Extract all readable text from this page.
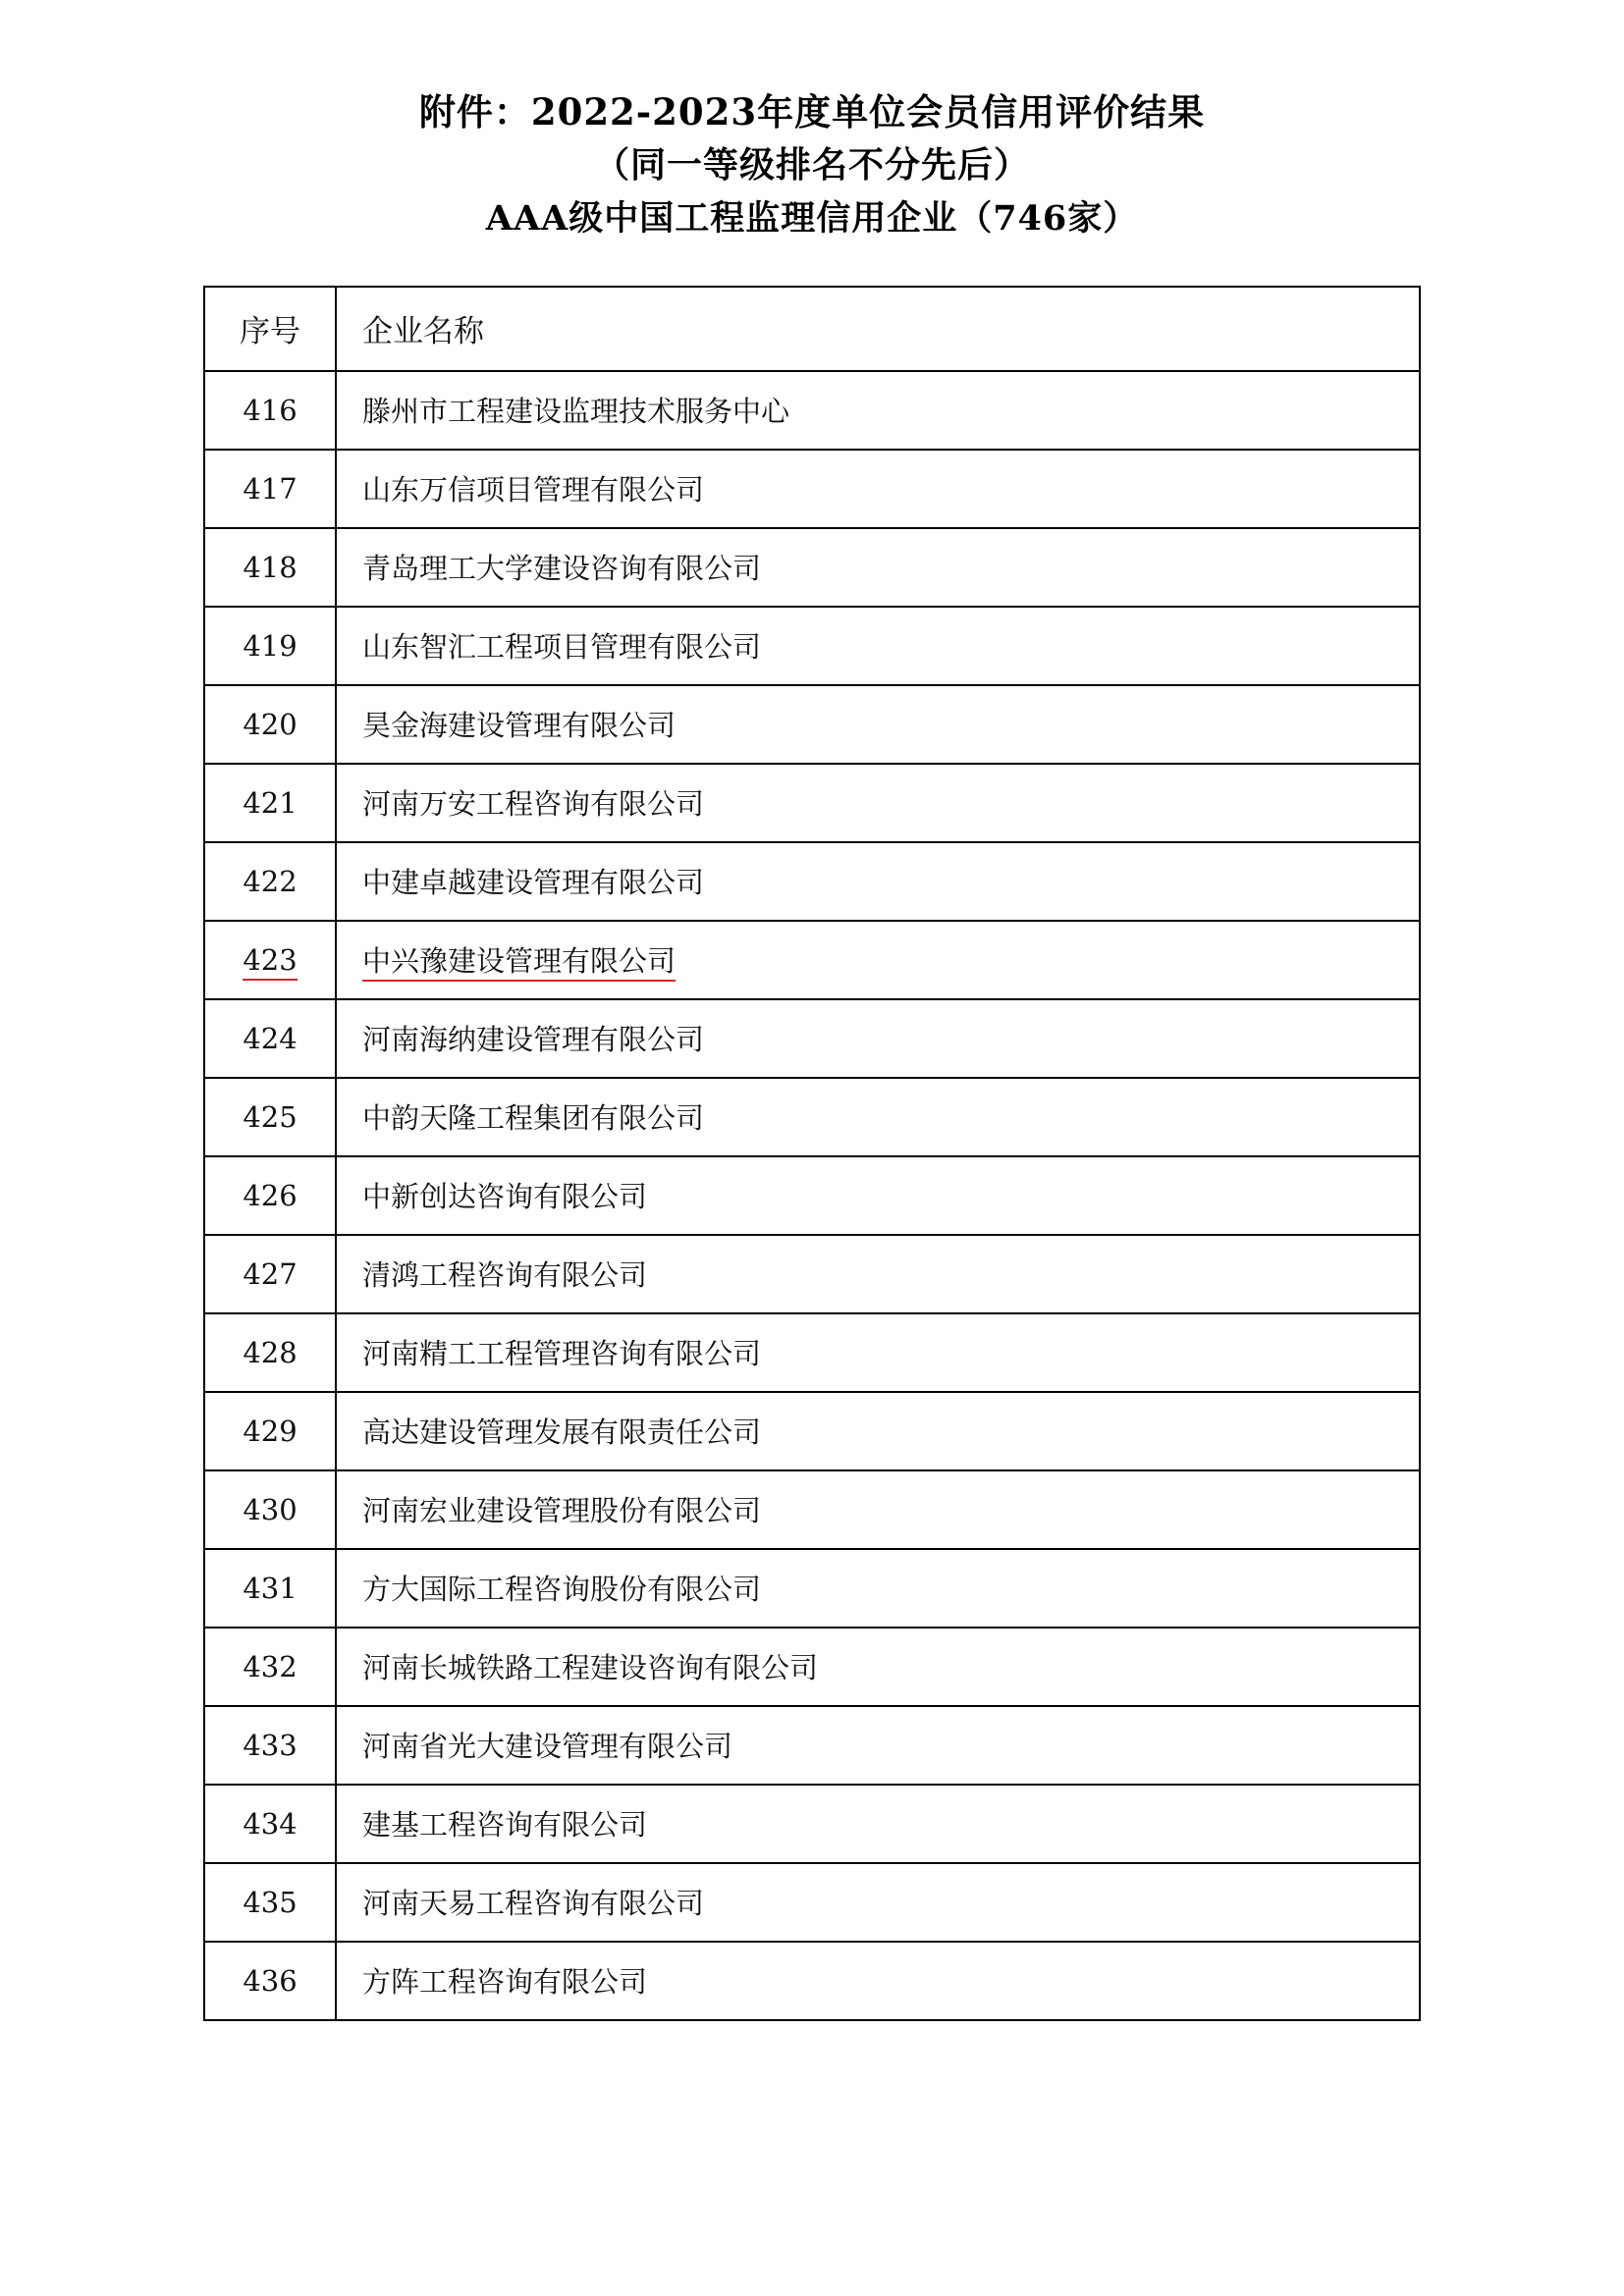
附件：2022-2023年度单位会员信用评价结果
（同一等级排名不分先后）
AAA级中国工程监理信用企业（746家）
序号	企业名称
416	滕州市工程建设监理技术服务中心
417	山东万信项目管理有限公司
418	青岛理工大学建设咨询有限公司
419	山东智汇工程项目管理有限公司
420	昊金海建设管理有限公司
421	河南万安工程咨询有限公司
422	中建卓越建设管理有限公司
423	中兴豫建设管理有限公司
424	河南海纳建设管理有限公司
425	中韵天隆工程集团有限公司
426	中新创达咨询有限公司
427	清鸿工程咨询有限公司
428	河南精工工程管理咨询有限公司
429	高达建设管理发展有限责任公司
430	河南宏业建设管理股份有限公司
431	方大国际工程咨询股份有限公司
432	河南长城铁路工程建设咨询有限公司
433	河南省光大建设管理有限公司
434	建基工程咨询有限公司
435	河南天易工程咨询有限公司
436	方阵工程咨询有限公司
